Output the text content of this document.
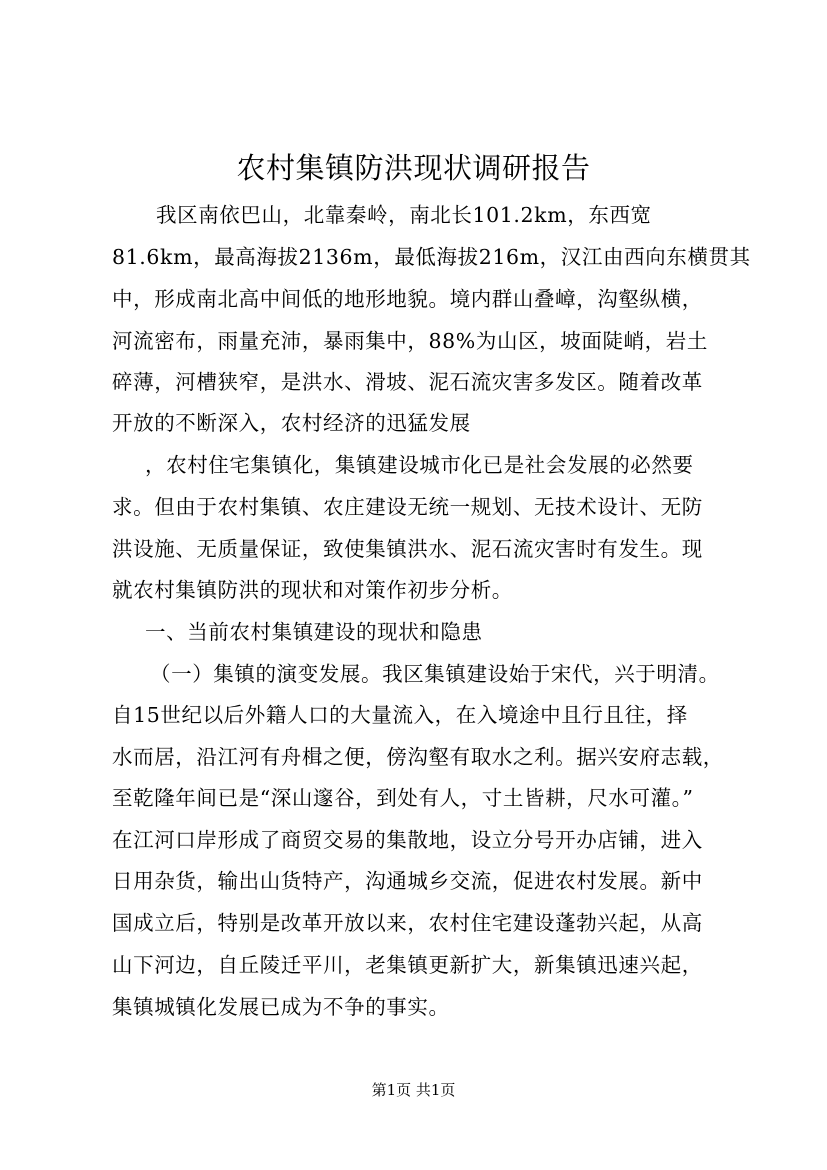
农村集镇防洪现状调研报告
我区南依巴山，北靠秦岭，南北长101.2km，东西宽
81.6km，最高海拔2136m，最低海拔216m，汉江由西向东横贯其
中，形成南北高中间低的地形地貌。境内群山叠嶂，沟壑纵横，
河流密布，雨量充沛，暴雨集中，88%为山区，坡面陡峭，岩土
碎薄，河槽狭窄，是洪水、滑坡、泥石流灾害多发区。随着改革
开放的不断深入，农村经济的迅猛发展
，农村住宅集镇化，集镇建设城市化已是社会发展的必然要
求。但由于农村集镇、农庄建设无统一规划、无技术设计、无防
洪设施、无质量保证，致使集镇洪水、泥石流灾害时有发生。现
就农村集镇防洪的现状和对策作初步分析。
一、当前农村集镇建设的现状和隐患
（一）集镇的演变发展。我区集镇建设始于宋代，兴于明清。
自15世纪以后外籍人口的大量流入，在入境途中且行且往，择
水而居，沿江河有舟楫之便，傍沟壑有取水之利。据兴安府志载，
至乾隆年间已是“深山邃谷，到处有人，寸土皆耕，尺水可灌。”
在江河口岸形成了商贸交易的集散地，设立分号开办店铺，进入
日用杂货，输出山货特产，沟通城乡交流，促进农村发展。新中
国成立后，特别是改革开放以来，农村住宅建设蓬勃兴起，从高
山下河边，自丘陵迁平川，老集镇更新扩大，新集镇迅速兴起，
集镇城镇化发展已成为不争的事实。
第1页 共1页
